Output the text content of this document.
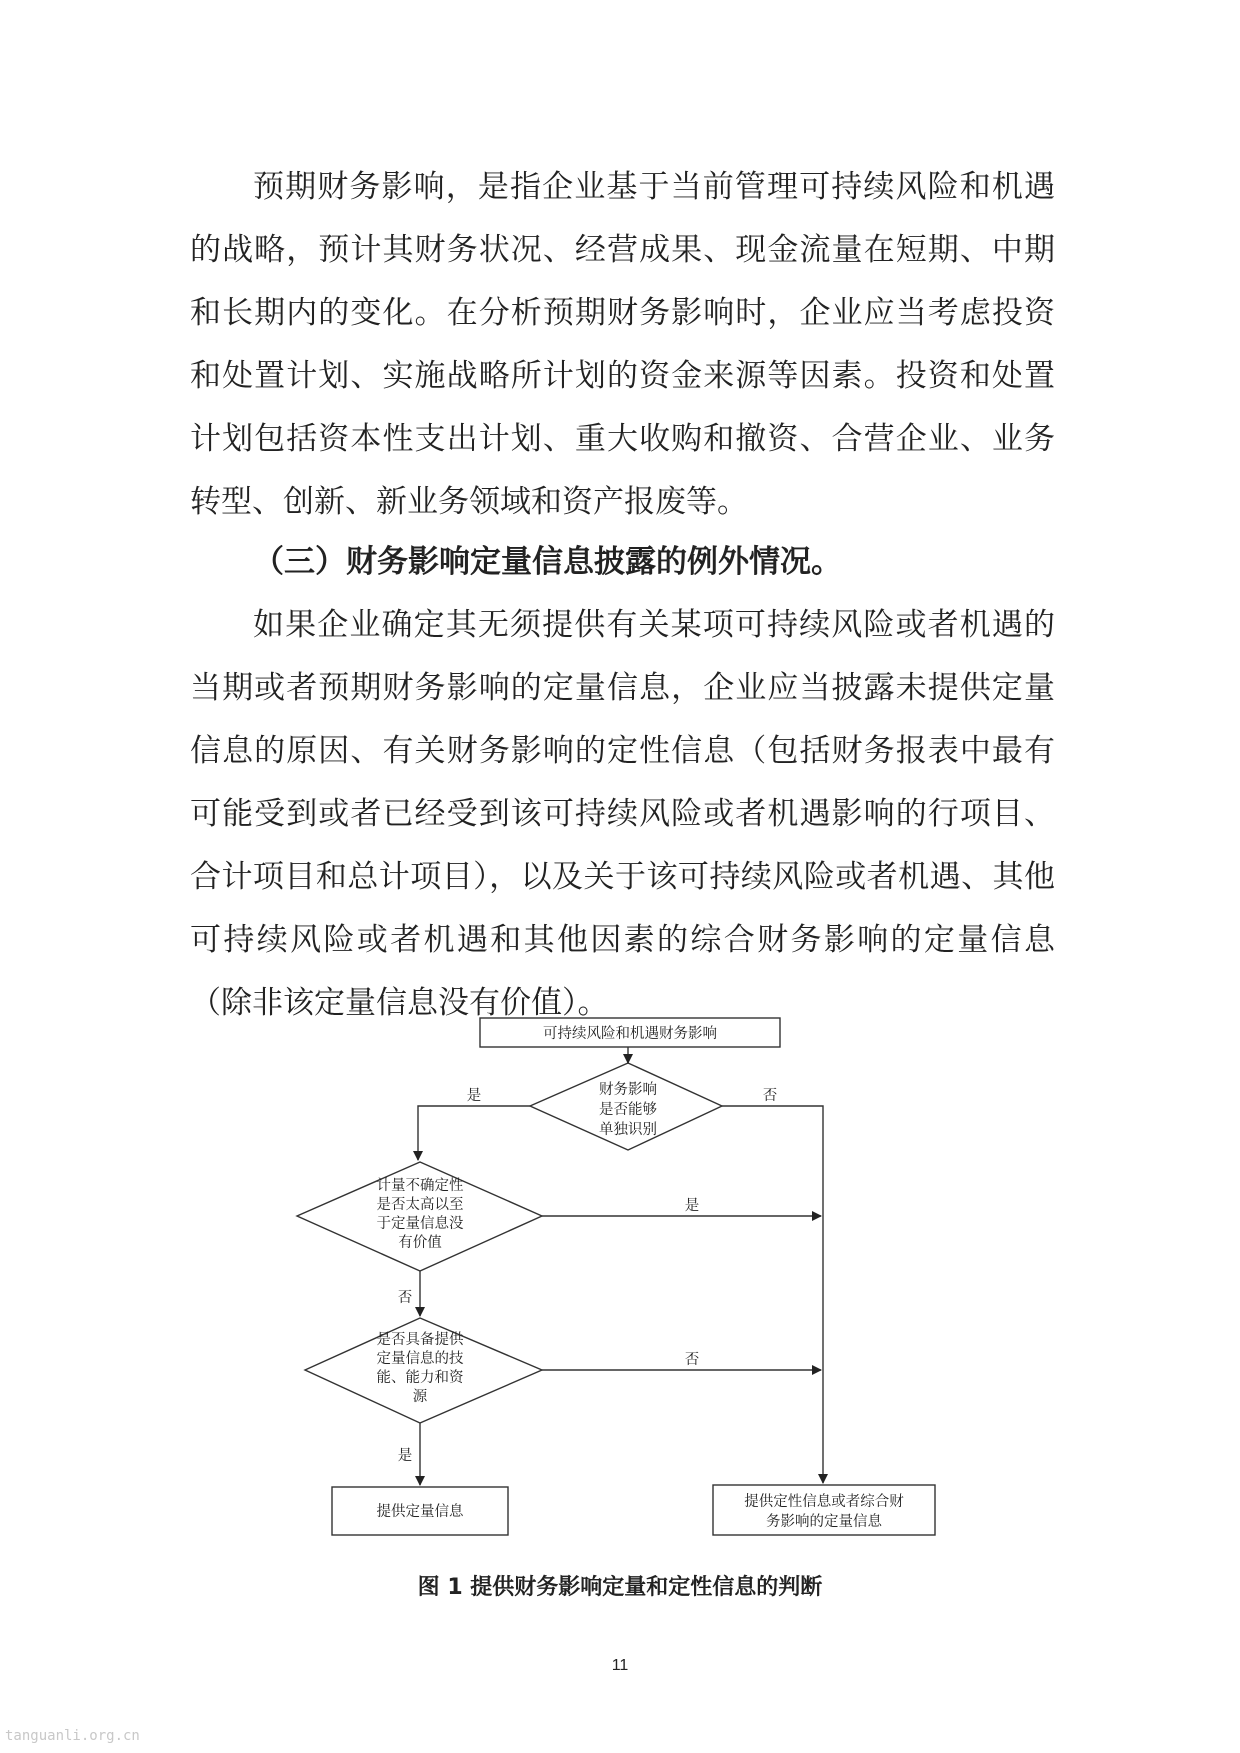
预期财务影响，是指企业基于当前管理可持续风险和机遇的战略，预计其财务状况、经营成果、现金流量在短期、中期和长期内的变化。在分析预期财务影响时，企业应当考虑投资和处置计划、实施战略所计划的资金来源等因素。投资和处置计划包括资本性支出计划、重大收购和撤资、合营企业、业务转型、创新、新业务领域和资产报废等。

（三）财务影响定量信息披露的例外情况。

如果企业确定其无须提供有关某项可持续风险或者机遇的当期或者预期财务影响的定量信息，企业应当披露未提供定量信息的原因、有关财务影响的定性信息（包括财务报表中最有可能受到或者已经受到该可持续风险或者机遇影响的行项目、合计项目和总计项目），以及关于该可持续风险或者机遇、其他可持续风险或者机遇和其他因素的综合财务影响的定量信息（除非该定量信息没有价值）。

可持续风险和机遇财务影响
财务影响
是否能够
单独识别
计量不确定性
是否太高以至
于定量信息没
有价值
是否具备提供
定量信息的技
能、能力和资
源
提供定量信息
提供定性信息或者综合财
务影响的定量信息
是	否
是
否
否
是

图 1 提供财务影响定量和定性信息的判断

11
tanguanli.org.cn
